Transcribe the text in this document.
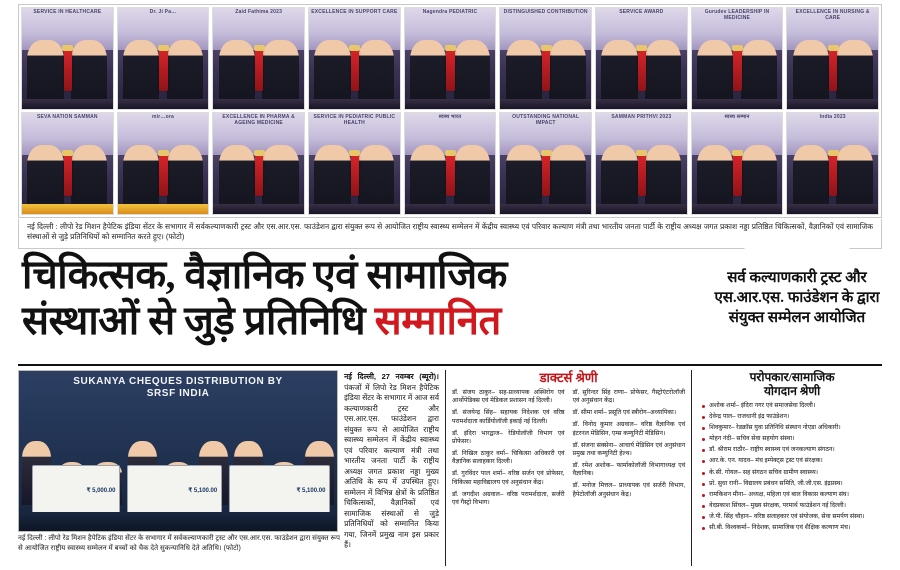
SERVICE IN HEALTHCARE	Dr. Ji Pa…	Zaid Fathima 2023	EXCELLENCE IN SUPPORT CARE	Nagendra PEDIATRIC	DISTINGUISHED CONTRIBUTION	SERVICE AWARD	Gurudev LEADERSHIP IN MEDICINE
EXCELLENCE IN NURSING & CARE
SEVA NATION SAMMAN	mir…ora	EXCELLENCE IN PHARMA & AGEING MEDICINE
SERVICE IN PEDIATRIC PUBLIC HEALTH
स्वस्थ भारत	OUTSTANDING NATIONAL IMPACT
SAMMAN PRITHVI 2023	स्वस्थ सम्मान	India 2023
नई दिल्ली : लीपो रेड मिशन हैपेटिक इंडिया सेंटर के सभागार में सर्वकल्याणकारी ट्रस्ट और एस.आर.एस. फाउंडेशन द्वारा संयुक्त रूप से आयोजित राष्ट्रीय स्वास्थ्य सम्मेलन में केंद्रीय स्वास्थ्य एवं परिवार कल्याण मंत्री तथा भारतीय जनता पार्टी के राष्ट्रीय अध्यक्ष जगत प्रकाश नड्डा प्रतिष्ठित चिकित्सकों, वैज्ञानिकों एवं सामाजिक संस्थाओं से जुड़े प्रतिनिधियों को सम्मानित करते हुए। (फोटो)
चिकित्सक, वैज्ञानिक एवं सामाजिक
संस्थाओं से जुड़े प्रतिनिधि सम्मानित
सर्व कल्याणकारी ट्रस्ट और एस.आर.एस. फाउंडेशन के द्वारा संयुक्त सम्मेलन आयोजित
SUKANYA CHEQUES DISTRIBUTION BY SRSF INDIA
₹ 5,000.00	₹ 5,100.00	₹ 5,100.00
नई दिल्ली, 27 नवम्बर (ब्यूरो)। पंकजों में लिपो रेड मिशन हैपेटिक इंडिया सेंटर के सभागार में आज सर्व कल्याणकारी ट्रस्ट और एस.आर.एस. फाउंडेशन द्वारा संयुक्त रूप से आयोजित राष्ट्रीय स्वास्थ्य सम्मेलन में केंद्रीय स्वास्थ्य एवं परिवार कल्याण मंत्री तथा भारतीय जनता पार्टी के राष्ट्रीय अध्यक्ष जगत प्रकाश नड्डा मुख्य अतिथि के रूप में उपस्थित हुए। सम्मेलन में विभिन्न क्षेत्रों के प्रतिष्ठित चिकित्सकों, वैज्ञानिकों एवं सामाजिक संस्थाओं से जुड़े प्रतिनिधियों को सम्मानित किया गया, जिनमें प्रमुख नाम इस प्रकार हैं।
डाक्टर्स श्रेणी
डॉ. संजय ठाकुर– सह-प्राध्यापक अस्थिरोग एवं आर्थोपेडिक्स एवं मेडिकल प्रशासन नई दिल्ली।
डॉ. संजयेन्द्र सिंह– सहायक निदेशक एवं वरिष्ठ परामर्शदाता कार्डियोलॉजी इकाई नई दिल्ली।
डॉ. इंदिरा भारद्वाज– रेडियोलॉजी विभाग एवं प्रोफेसर।
डॉ. निखिल ठाकुर वर्मा– चिकित्सा अधिकारी एवं वैज्ञानिक सलाहकार दिल्ली।
डॉ. गुरविंदर पाल शर्मा– वरिष्ठ सर्जन एवं प्रोफेसर, चिकित्सा महाविद्यालय एवं अनुसंधान केंद्र।
डॉ. जगदीश अग्रवाल– वरिष्ठ परामर्शदाता, सर्जरी एवं गैस्ट्रो विभाग।
डॉ. सुरिन्दर सिंह राणा– प्रोफेसर, गैस्ट्रोएंटरोलॉजी एवं अनुसंधान केंद्र।
डॉ. सीमा शर्मा– प्रसूति एवं स्त्रीरोग–अध्यापिका।
डॉ. विनोद कुमार अग्रवाल– वरिष्ठ वैज्ञानिक एवं इंटरनल मेडिसिन, एम्स कम्युनिटी मेडिसिन।
डॉ. संजना सक्सेना– आचार्य मेडिसिन एवं अनुसंधान प्रमुख तथा कम्युनिटी हेल्थ।
डॉ. रमेश अशोक– फार्माकोलॉजी विभागाध्यक्ष एवं वैज्ञानिक।
डॉ. मनोज मित्तल– प्राध्यापक एवं सर्जरी विभाग, हैपेटोलॉजी अनुसंधान केंद्र।
परोपकार/सामाजिक
योगदान श्रेणी
अशोक शर्मा– इंदिरा नगर एवं समाजसेवा दिल्ली।
देवेन्द्र पाल– राजधानी इंद्र फाउंडेशन।
शिवकुमार– रेडक्रॉस युवा प्रतिनिधि संस्थान नोएडा अधिकारी।
मोहन नंदी– सचिव सेवा सहयोग संस्था।
डॉ. श्रीराम राठौर– राष्ट्रीय स्वास्थ्य एवं जनकल्याण संगठन।
आर.के. एन. यादव– मंच इम्पेक्ट्स ट्रस्ट एवं संरक्षक।
के.सी. गोयल– सह संगठन सचिव ग्रामीण स्वास्थ्य।
प्रो. सुधा रानी– विद्यालय प्रबंधन समिति, जी.जी.एस. इंद्रप्रस्थ।
रामकिशन मीना– अध्यक्ष, महिला एवं बाल विकास कल्याण संघ।
वेदप्रकाश सिंघल– मुख्य संरक्षक, परमार्थ फाउंडेशन नई दिल्ली।
जे.पी. सिंह चौहान– वरिष्ठ सलाहकार एवं संयोजक, सेवा समर्पण संस्था।
सी.बी. विश्वकर्मा– निदेशक, सामाजिक एवं शैक्षिक कल्याण मंच।
नई दिल्ली : लीपो रेड मिशन हैपेटिक इंडिया सेंटर के सभागार में सर्वकल्याणकारी ट्रस्ट और एस.आर.एस. फाउंडेशन द्वारा संयुक्त रूप से आयोजित राष्ट्रीय स्वास्थ्य सम्मेलन में बच्चों को चैक देते सुकन्यानिधि देते अतिथि। (फोटो)
